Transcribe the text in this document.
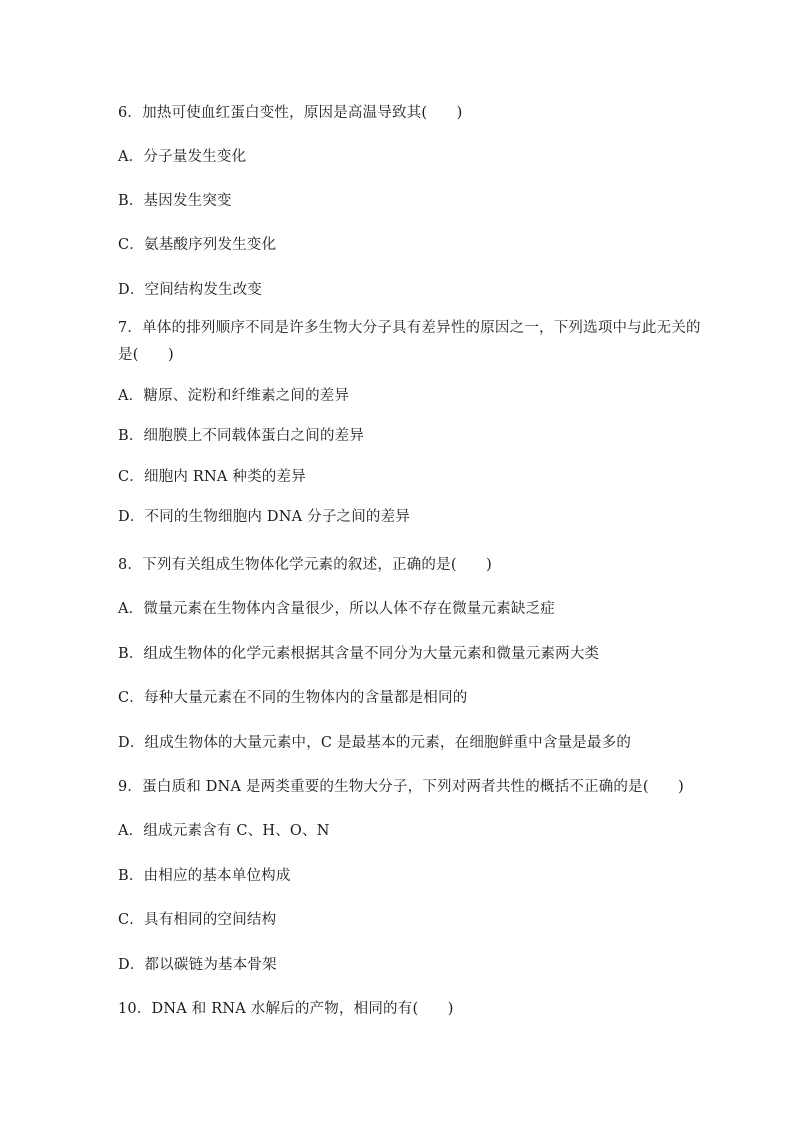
6．加热可使血红蛋白变性，原因是高温导致其(　　)
A．分子量发生变化
B．基因发生突变
C．氨基酸序列发生变化
D．空间结构发生改变
7．单体的排列顺序不同是许多生物大分子具有差异性的原因之一，下列选项中与此无关的
是(　　)
A．糖原、淀粉和纤维素之间的差异
B．细胞膜上不同载体蛋白之间的差异
C．细胞内 RNA 种类的差异
D．不同的生物细胞内 DNA 分子之间的差异
8．下列有关组成生物体化学元素的叙述，正确的是(　　)
A．微量元素在生物体内含量很少，所以人体不存在微量元素缺乏症
B．组成生物体的化学元素根据其含量不同分为大量元素和微量元素两大类
C．每种大量元素在不同的生物体内的含量都是相同的
D．组成生物体的大量元素中，C 是最基本的元素，在细胞鲜重中含量是最多的
9．蛋白质和 DNA 是两类重要的生物大分子，下列对两者共性的概括不正确的是(　　)
A．组成元素含有 C、H、O、N
B．由相应的基本单位构成
C．具有相同的空间结构
D．都以碳链为基本骨架
10．DNA 和 RNA 水解后的产物，相同的有(　　)
